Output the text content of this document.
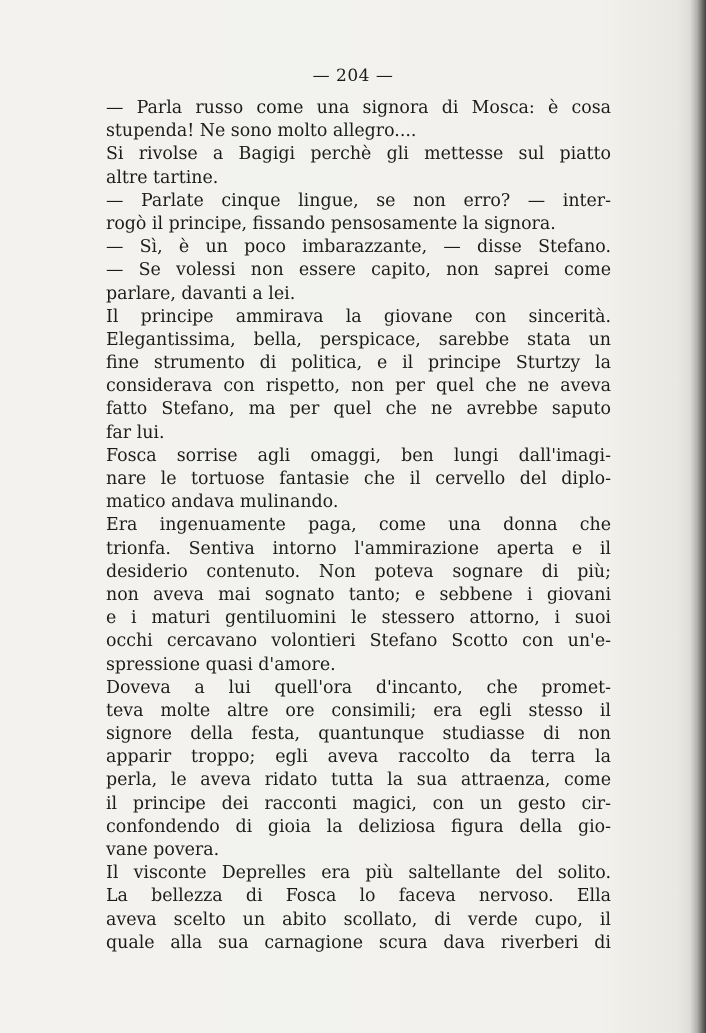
— 204 —
— Parla russo come una signora di Mosca: è cosa
stupenda! Ne sono molto allegro....
Si rivolse a Bagigi perchè gli mettesse sul piatto
altre tartine.
— Parlate cinque lingue, se non erro? — inter-
rogò il principe, fissando pensosamente la signora.
— Sì, è un poco imbarazzante, — disse Stefano.
— Se volessi non essere capito, non saprei come
parlare, davanti a lei.
Il principe ammirava la giovane con sincerità.
Elegantissima, bella, perspicace, sarebbe stata un
fine strumento di politica, e il principe Sturtzy la
considerava con rispetto, non per quel che ne aveva
fatto Stefano, ma per quel che ne avrebbe saputo
far lui.
Fosca sorrise agli omaggi, ben lungi dall'imagi-
nare le tortuose fantasie che il cervello del diplo-
matico andava mulinando.
Era ingenuamente paga, come una donna che
trionfa. Sentiva intorno l'ammirazione aperta e il
desiderio contenuto. Non poteva sognare di più;
non aveva mai sognato tanto; e sebbene i giovani
e i maturi gentiluomini le stessero attorno, i suoi
occhi cercavano volontieri Stefano Scotto con un'e-
spressione quasi d'amore.
Doveva a lui quell'ora d'incanto, che promet-
teva molte altre ore consimili; era egli stesso il
signore della festa, quantunque studiasse di non
apparir troppo; egli aveva raccolto da terra la
perla, le aveva ridato tutta la sua attraenza, come
il principe dei racconti magici, con un gesto cir-
confondendo di gioia la deliziosa figura della gio-
vane povera.
Il visconte Deprelles era più saltellante del solito.
La bellezza di Fosca lo faceva nervoso. Ella
aveva scelto un abito scollato, di verde cupo, il
quale alla sua carnagione scura dava riverberi di
